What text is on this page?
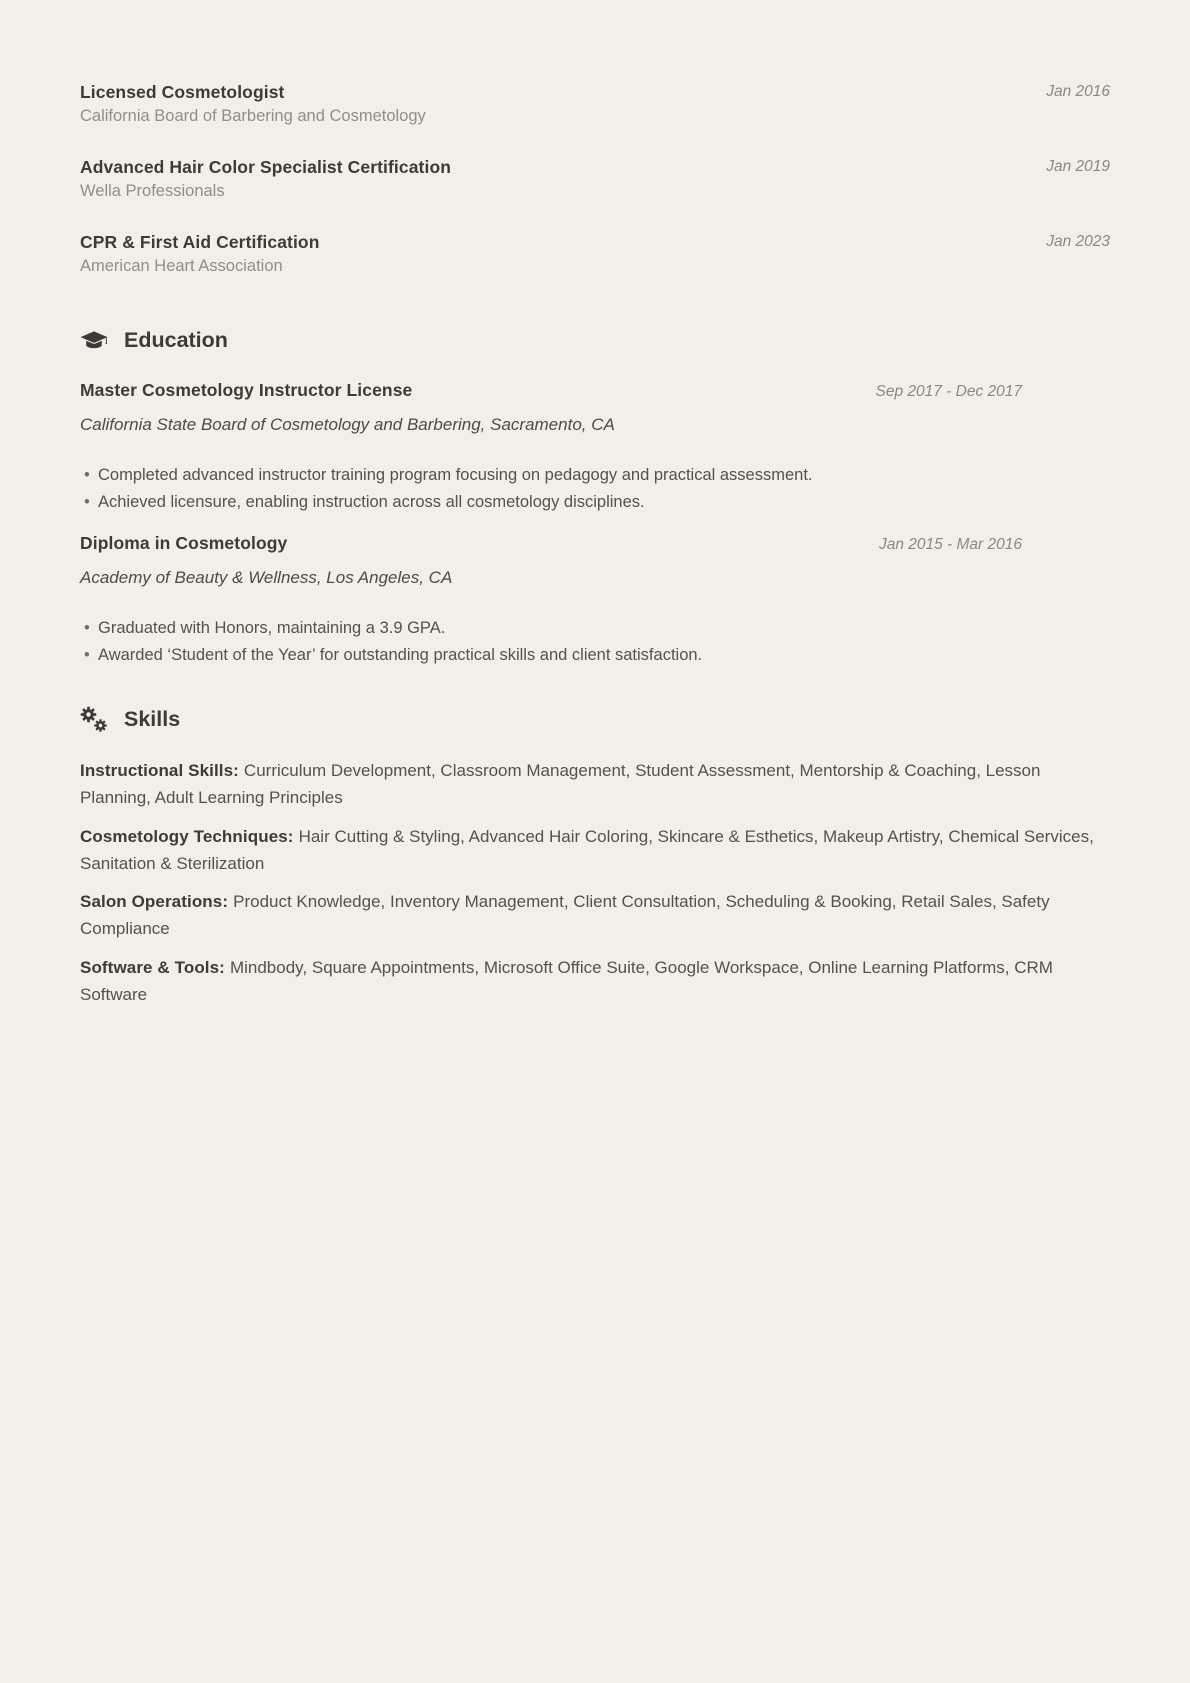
Licensed Cosmetologist
California Board of Barbering and Cosmetology
Jan 2016
Advanced Hair Color Specialist Certification
Wella Professionals
Jan 2019
CPR & First Aid Certification
American Heart Association
Jan 2023
Education
Master Cosmetology Instructor License	Sep 2017 - Dec 2017

California State Board of Cosmetology and Barbering, Sacramento, CA

• Completed advanced instructor training program focusing on pedagogy and practical assessment.
• Achieved licensure, enabling instruction across all cosmetology disciplines.
Diploma in Cosmetology	Jan 2015 - Mar 2016

Academy of Beauty & Wellness, Los Angeles, CA

• Graduated with Honors, maintaining a 3.9 GPA.
• Awarded ‘Student of the Year’ for outstanding practical skills and client satisfaction.
Skills

Instructional Skills: Curriculum Development, Classroom Management, Student Assessment, Mentorship & Coaching, Lesson Planning, Adult Learning Principles

Cosmetology Techniques: Hair Cutting & Styling, Advanced Hair Coloring, Skincare & Esthetics, Makeup Artistry, Chemical Services, Sanitation & Sterilization

Salon Operations: Product Knowledge, Inventory Management, Client Consultation, Scheduling & Booking, Retail Sales, Safety Compliance

Software & Tools: Mindbody, Square Appointments, Microsoft Office Suite, Google Workspace, Online Learning Platforms, CRM Software
